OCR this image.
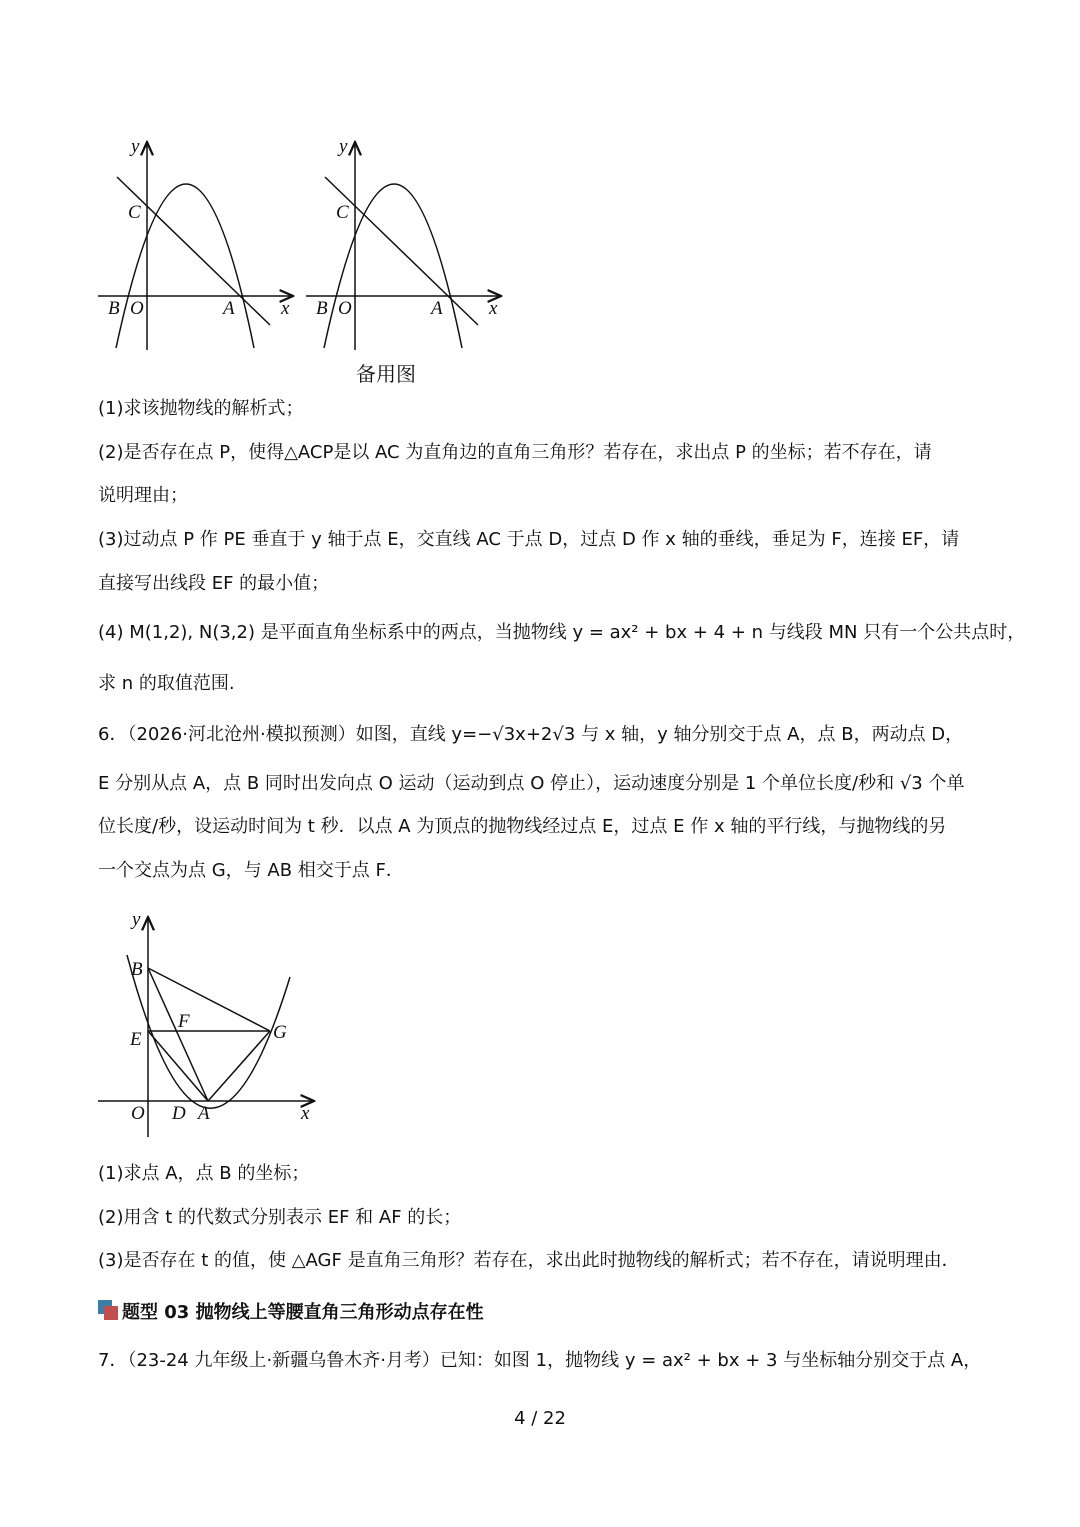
y
x
C
B O	A
y
x
C
B O	A
备用图
(1)求该抛物线的解析式；
(2)是否存在点 P，使得△ACP是以 AC 为直角边的直角三角形？若存在，求出点 P 的坐标；若不存在，请
说明理由；
(3)过动点 P 作 PE 垂直于 y 轴于点 E，交直线 AC 于点 D，过点 D 作 x 轴的垂线，垂足为 F，连接 EF，请
直接写出线段 EF 的最小值；
(4) M(1,2), N(3,2) 是平面直角坐标系中的两点，当抛物线 y = ax² + bx + 4 + n 与线段 MN 只有一个公共点时，
求 n 的取值范围.
6．（2026·河北沧州·模拟预测）如图，直线 y=−√3x+2√3 与 x 轴，y 轴分别交于点 A，点 B，两动点 D，
E 分别从点 A，点 B 同时出发向点 O 运动（运动到点 O 停止），运动速度分别是 1 个单位长度/秒和 √3 个单
位长度/秒，设运动时间为 t 秒．以点 A 为顶点的抛物线经过点 E，过点 E 作 x 轴的平行线，与抛物线的另
一个交点为点 G，与 AB 相交于点 F．
y
x
B
F
G
E
O D A
(1)求点 A，点 B 的坐标；
(2)用含 t 的代数式分别表示 EF 和 AF 的长；
(3)是否存在 t 的值，使 △AGF 是直角三角形？若存在，求出此时抛物线的解析式；若不存在，请说明理由．
题型 03 抛物线上等腰直角三角形动点存在性
7．（23-24 九年级上·新疆乌鲁木齐·月考）已知：如图 1，抛物线 y = ax² + bx + 3 与坐标轴分别交于点 A，
4 / 22
